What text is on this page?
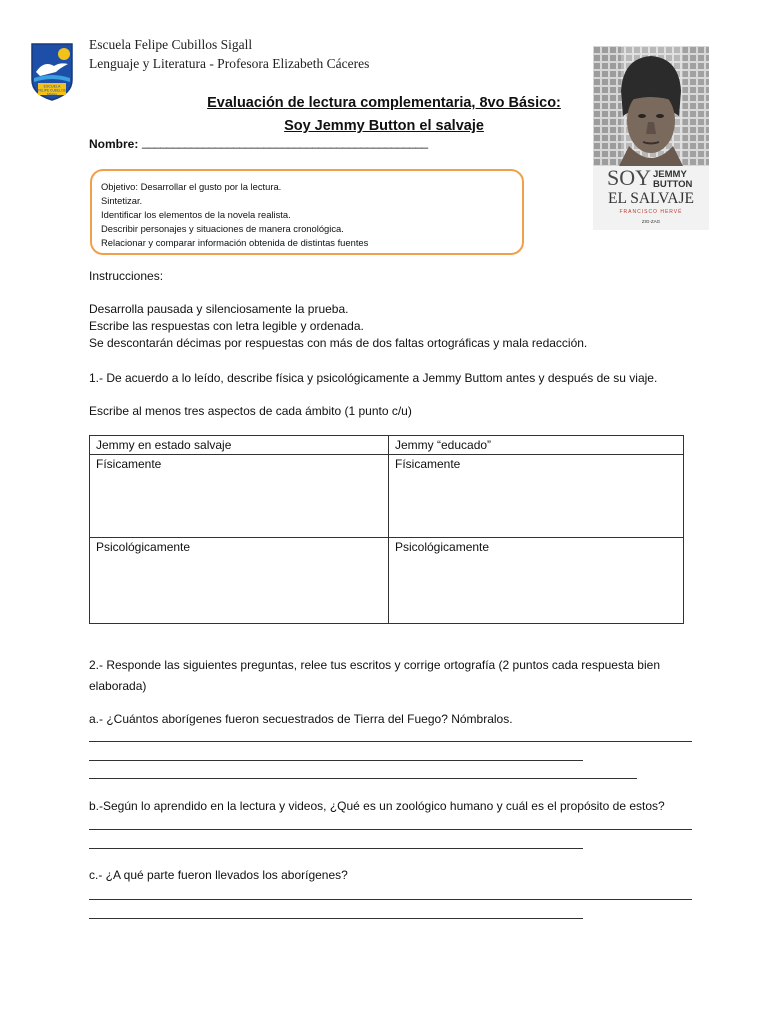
ESCUELA
FELIPE CUBILLOS
SIGALL
Escuela Felipe Cubillos Sigall
Lenguaje y Literatura - Profesora Elizabeth Cáceres
Evaluación de lectura complementaria, 8vo Básico:
Soy Jemmy Button el salvaje
Nombre: _______________________________________________
Objetivo: Desarrollar el gusto por la lectura.
Sintetizar.
Identificar los elementos de la novela realista.
Describir personajes y situaciones de manera cronológica.
Relacionar y comparar información obtenida de distintas fuentes
SOY JEMMY
BUTTON
EL SALVAJE
FRANCISCO HERVÉ
ZIG-ZAG
Instrucciones:
Desarrolla pausada y silenciosamente la prueba.
Escribe las respuestas con letra legible y ordenada.
Se descontarán décimas por respuestas con más de dos faltas ortográficas y mala redacción.
1.- De acuerdo a lo leído, describe física y psicológicamente a Jemmy Buttom antes y después de su viaje.
Escribe al menos tres aspectos de cada ámbito (1 punto c/u)
Jemmy en estado salvaje	Jemmy “educado”
Físicamente	Físicamente
Psicológicamente	Psicológicamente
2.- Responde las siguientes preguntas, relee tus escritos y corrige ortografía (2 puntos cada respuesta bien
elaborada)
a.- ¿Cuántos aborígenes fueron secuestrados de Tierra del Fuego? Nómbralos.
b.-Según lo aprendido en la lectura y videos, ¿Qué es un zoológico humano y cuál es el propósito de estos?
c.- ¿A qué parte fueron llevados los aborígenes?
